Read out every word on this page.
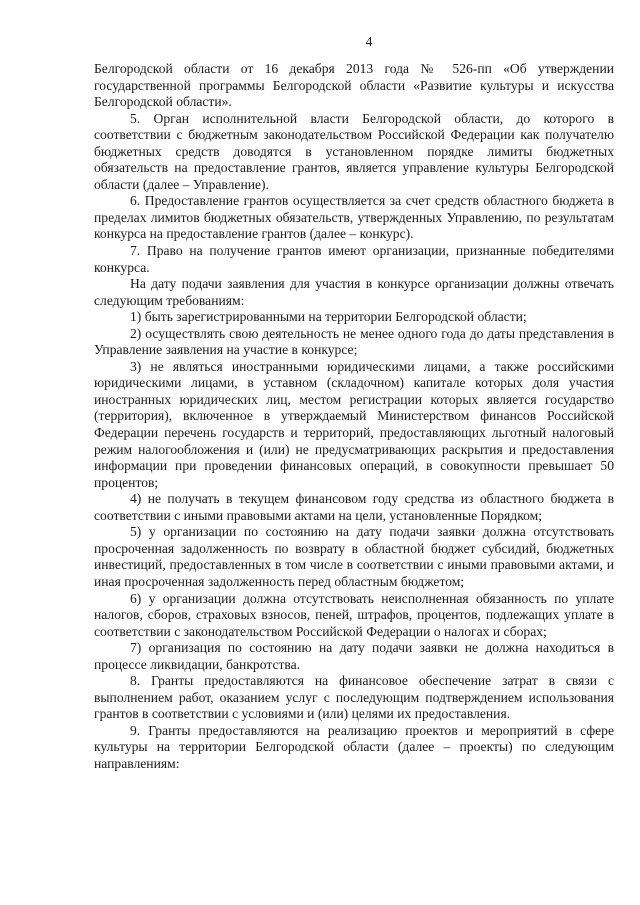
4

Белгородской области от 16 декабря 2013 года № 526-пп «Об утверждении государственной программы Белгородской области «Развитие культуры и искусства Белгородской области».

5. Орган исполнительной власти Белгородской области, до которого в соответствии с бюджетным законодательством Российской Федерации как получателю бюджетных средств доводятся в установленном порядке лимиты бюджетных обязательств на предоставление грантов, является управление культуры Белгородской области (далее – Управление).

6. Предоставление грантов осуществляется за счет средств областного бюджета в пределах лимитов бюджетных обязательств, утвержденных Управлению, по результатам конкурса на предоставление грантов (далее – конкурс).

7. Право на получение грантов имеют организации, признанные победителями конкурса.

На дату подачи заявления для участия в конкурсе организации должны отвечать следующим требованиям:

1) быть зарегистрированными на территории Белгородской области;

2) осуществлять свою деятельность не менее одного года до даты представления в Управление заявления на участие в конкурсе;

3) не являться иностранными юридическими лицами, а также российскими юридическими лицами, в уставном (складочном) капитале которых доля участия иностранных юридических лиц, местом регистрации которых является государство (территория), включенное в утверждаемый Министерством финансов Российской Федерации перечень государств и территорий, предоставляющих льготный налоговый режим налогообложения и (или) не предусматривающих раскрытия и предоставления информации при проведении финансовых операций, в совокупности превышает 50 процентов;

4) не получать в текущем финансовом году средства из областного бюджета в соответствии с иными правовыми актами на цели, установленные Порядком;

5) у организации по состоянию на дату подачи заявки должна отсутствовать просроченная задолженность по возврату в областной бюджет субсидий, бюджетных инвестиций, предоставленных в том числе в соответствии с иными правовыми актами, и иная просроченная задолженность перед областным бюджетом;

6) у организации должна отсутствовать неисполненная обязанность по уплате налогов, сборов, страховых взносов, пеней, штрафов, процентов, подлежащих уплате в соответствии с законодательством Российской Федерации о налогах и сборах;

7) организация по состоянию на дату подачи заявки не должна находиться в процессе ликвидации, банкротства.

8. Гранты предоставляются на финансовое обеспечение затрат в связи с выполнением работ, оказанием услуг с последующим подтверждением использования грантов в соответствии с условиями и (или) целями их предоставления.

9. Гранты предоставляются на реализацию проектов и мероприятий в сфере культуры на территории Белгородской области (далее – проекты) по следующим направлениям:
